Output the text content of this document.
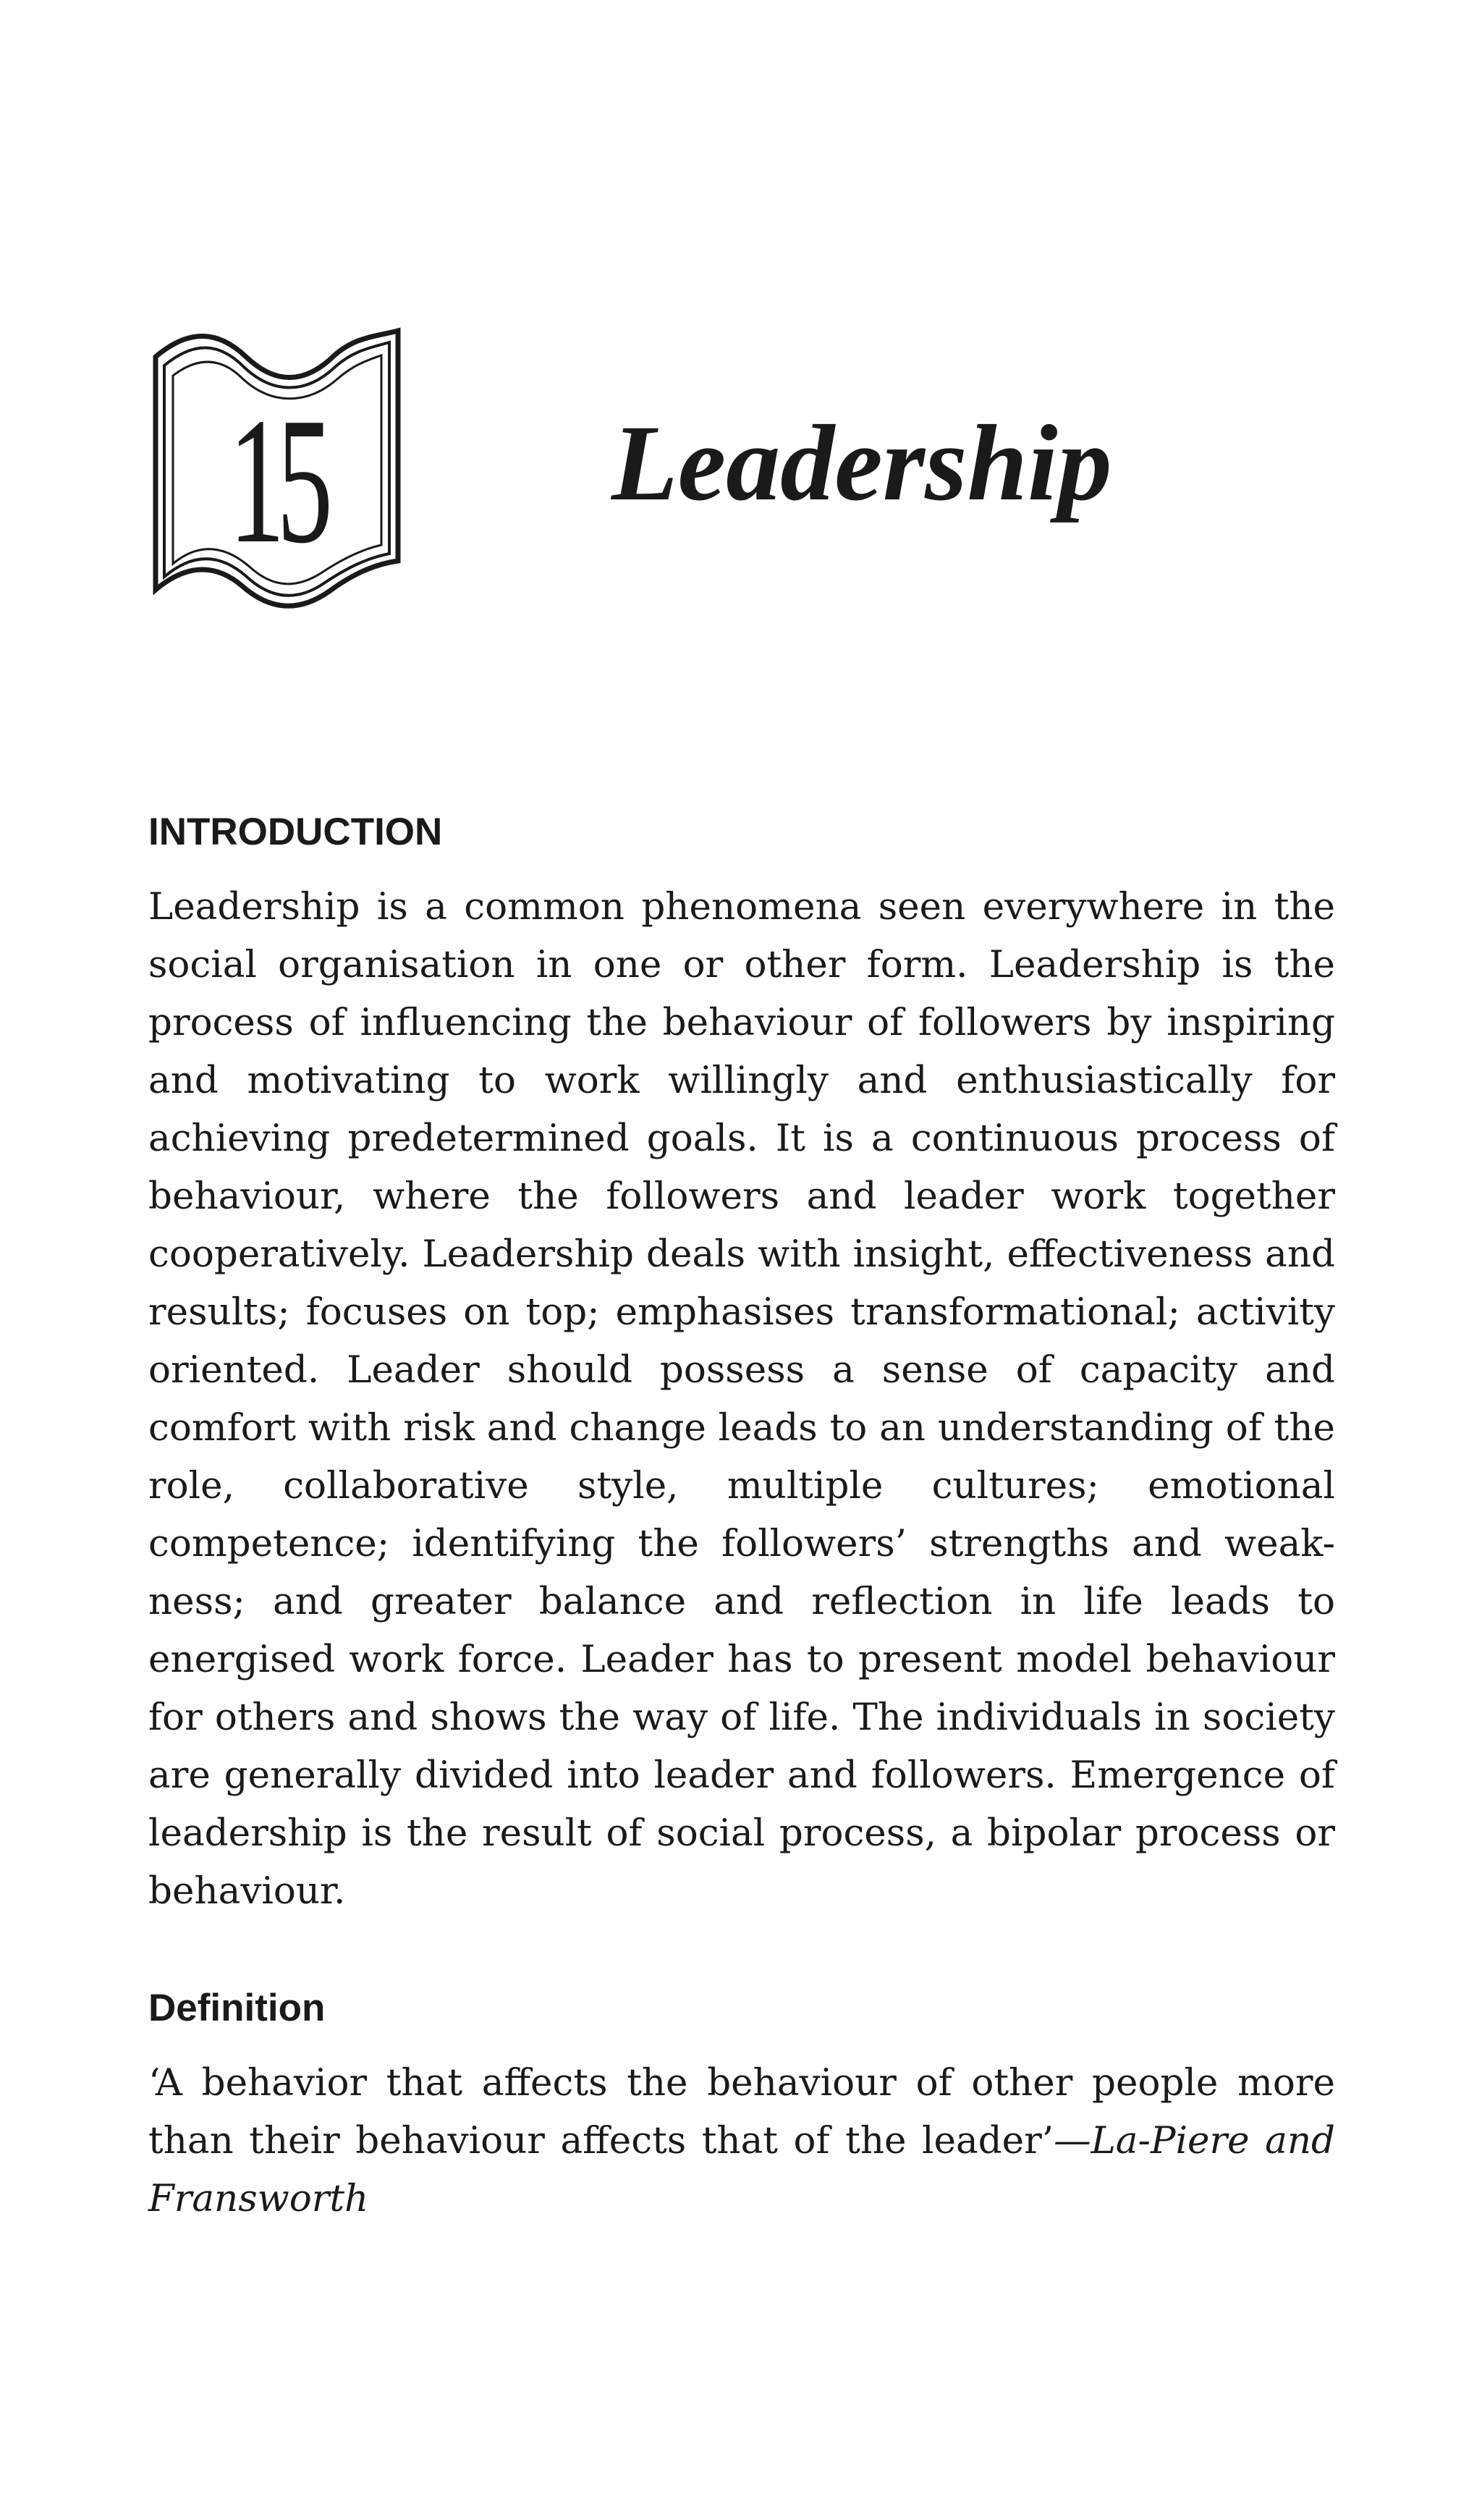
15	Leadership
INTRODUCTION

Leadership is a common phenomena seen everywhere in the social organisation in one or other form. Leadership is the process of influencing the behaviour of followers by inspiring and motivating to work willingly and enthusiastically for achieving predetermined goals. It is a continuous process of behaviour, where the followers and leader work together cooperatively. Leadership deals with insight, effectiveness and results; focuses on top; emphasises transformational; activity oriented. Leader should possess a sense of capacity and comfort with risk and change leads to an understanding of the role, collaborative style, multiple cultures; emotional competence; identifying the followers’ strengths and weak-ness; and greater balance and reflection in life leads to energised work force. Leader has to present model behaviour for others and shows the way of life. The individuals in society are generally divided into leader and followers. Emergence of leadership is the result of social process, a bipolar process or behaviour.

Definition

‘A behavior that affects the behaviour of other people more than their behaviour affects that of the leader’—La-Piere and Fransworth
